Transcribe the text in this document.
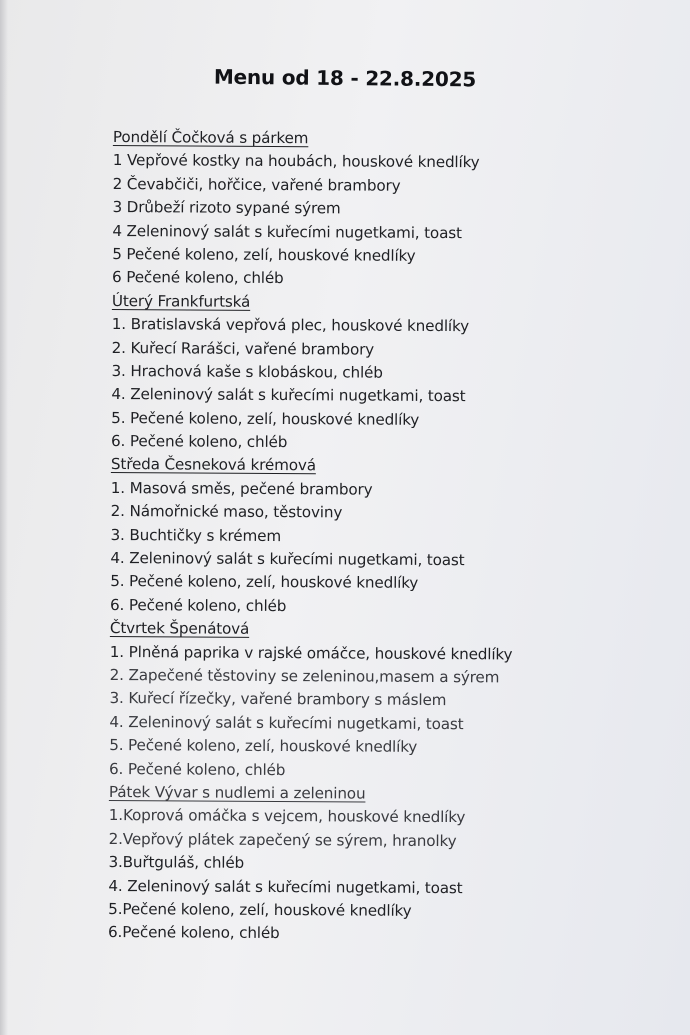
Menu od 18 - 22.8.2025
Pondělí Čočková s párkem
1 Vepřové kostky na houbách, houskové knedlíky
2 Čevabčiči, hořčice, vařené brambory
3 Drůbeží rizoto sypané sýrem
4 Zeleninový salát s kuřecími nugetkami, toast
5 Pečené koleno, zelí, houskové knedlíky
6 Pečené koleno, chléb
Úterý Frankfurtská
1. Bratislavská vepřová plec, houskové knedlíky
2. Kuřecí Rarášci, vařené brambory
3. Hrachová kaše s klobáskou, chléb
4. Zeleninový salát s kuřecími nugetkami, toast
5. Pečené koleno, zelí, houskové knedlíky
6. Pečené koleno, chléb
Středa Česneková krémová
1. Masová směs, pečené brambory
2. Námořnické maso, těstoviny
3. Buchtičky s krémem
4. Zeleninový salát s kuřecími nugetkami, toast
5. Pečené koleno, zelí, houskové knedlíky
6. Pečené koleno, chléb
Čtvrtek Špenátová
1. Plněná paprika v rajské omáčce, houskové knedlíky
2. Zapečené těstoviny se zeleninou,masem a sýrem
3. Kuřecí řízečky, vařené brambory s máslem
4. Zeleninový salát s kuřecími nugetkami, toast
5. Pečené koleno, zelí, houskové knedlíky
6. Pečené koleno, chléb
Pátek Vývar s nudlemi a zeleninou
1.Koprová omáčka s vejcem, houskové knedlíky
2.Vepřový plátek zapečený se sýrem, hranolky
3.Buřtguláš, chléb
4. Zeleninový salát s kuřecími nugetkami, toast
5.Pečené koleno, zelí, houskové knedlíky
6.Pečené koleno, chléb
